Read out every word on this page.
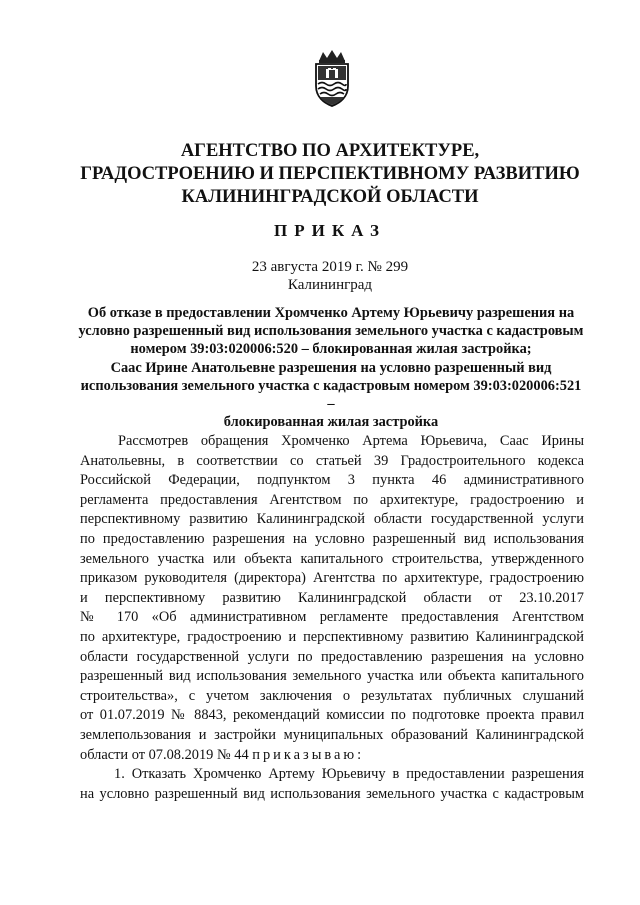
АГЕНТСТВО ПО АРХИТЕКТУРЕ,
ГРАДОСТРОЕНИЮ И ПЕРСПЕКТИВНОМУ РАЗВИТИЮ
КАЛИНИНГРАДСКОЙ ОБЛАСТИ
ПРИКАЗ
23 августа 2019 г. № 299
Калининград
Об отказе в предоставлении Хромченко Артему Юрьевичу разрешения на
условно разрешенный вид использования земельного участка с кадастровым
номером 39:03:020006:520 – блокированная жилая застройка;
Саас Ирине Анатольевне разрешения на условно разрешенный вид
использования земельного участка с кадастровым номером 39:03:020006:521 –
блокированная жилая застройка
Рассмотрев обращения Хромченко Артема Юрьевича, Саас Ирины
Анатольевны, в соответствии со статьей 39 Градостроительного кодекса
Российской Федерации, подпунктом 3 пункта 46 административного
регламента предоставления Агентством по архитектуре, градостроению и
перспективному развитию Калининградской области государственной услуги
по предоставлению разрешения на условно разрешенный вид использования
земельного участка или объекта капитального строительства, утвержденного
приказом руководителя (директора) Агентства по архитектуре, градостроению
и перспективному развитию Калининградской области от 23.10.2017
№ 170 «Об административном регламенте предоставления Агентством
по архитектуре, градостроению и перспективному развитию Калининградской
области государственной услуги по предоставлению разрешения на условно
разрешенный вид использования земельного участка или объекта капитального
строительства», с учетом заключения о результатах публичных слушаний
от 01.07.2019 № 8843, рекомендаций комиссии по подготовке проекта правил
землепользования и застройки муниципальных образований Калининградской
области от 07.08.2019 № 44 приказываю:
1. Отказать Хромченко Артему Юрьевичу в предоставлении разрешения
на условно разрешенный вид использования земельного участка с кадастровым
